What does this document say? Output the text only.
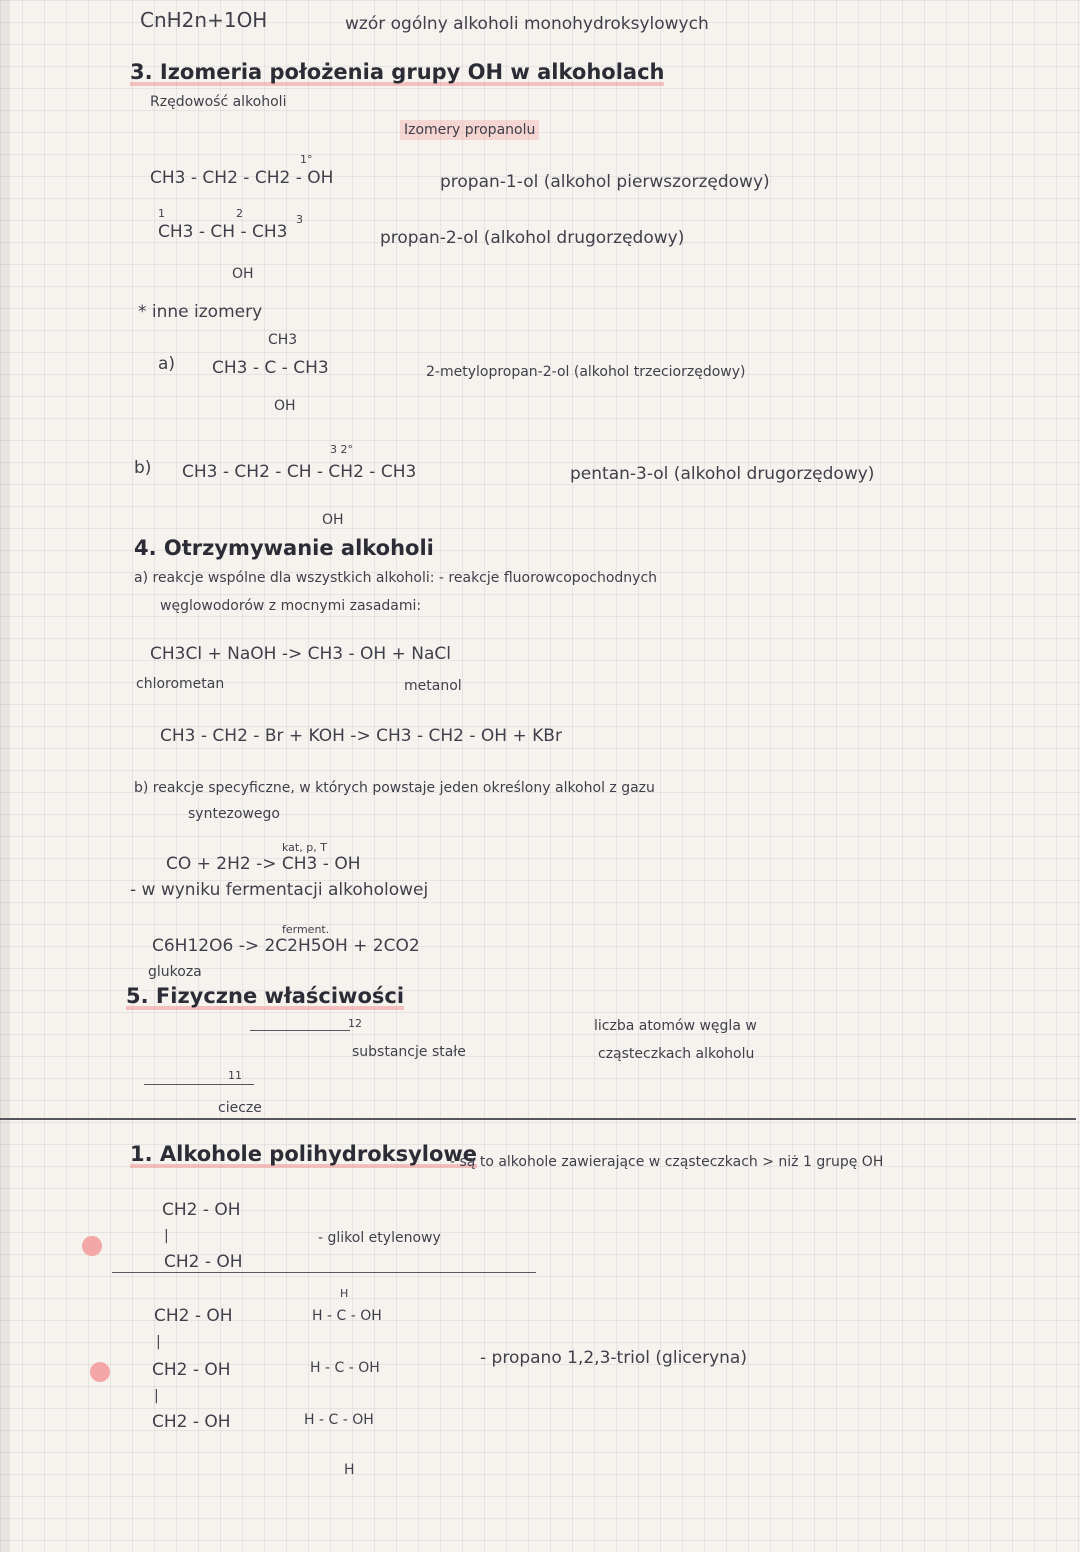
CnH2n+1OH	wzór ogólny alkoholi monohydroksylowych
3. Izomeria położenia grupy OH w alkoholach
Rzędowość alkoholi
Izomery propanolu
1°
CH3 - CH2 - CH2 - OH	propan-1-ol (alkohol pierwszorzędowy)
1	2	3
CH3 - CH - CH3
OH
propan-2-ol (alkohol drugorzędowy)
* inne izomery
CH3
a) CH3 - C - CH3
OH
2-metylopropan-2-ol (alkohol trzeciorzędowy)
3 2°
b) CH3 - CH2 - CH - CH2 - CH3
OH
pentan-3-ol (alkohol drugorzędowy)
4. Otrzymywanie alkoholi
a) reakcje wspólne dla wszystkich alkoholi: - reakcje fluorowcopochodnych
węglowodorów z mocnymi zasadami:
CH3Cl + NaOH -> CH3 - OH + NaCl
chlorometan	metanol
CH3 - CH2 - Br + KOH -> CH3 - CH2 - OH + KBr
b) reakcje specyficzne, w których powstaje jeden określony alkohol z gazu
syntezowego
kat, p, T
CO + 2H2 -> CH3 - OH
- w wyniku fermentacji alkoholowej
ferment.
C6H12O6 -> 2C2H5OH + 2CO2
glukoza
5. Fizyczne właściwości
12
substancje stałe
liczba atomów węgla w
cząsteczkach alkoholu
11
ciecze
1. Alkohole polihydroksylowe
- są to alkohole zawierające w cząsteczkach > niż 1 grupę OH
CH2 - OH
|
CH2 - OH
- glikol etylenowy
CH2 - OH
|
CH2 - OH
|
CH2 - OH
H
H - C - OH
H - C - OH
H - C - OH
H
- propano 1,2,3-triol (gliceryna)
